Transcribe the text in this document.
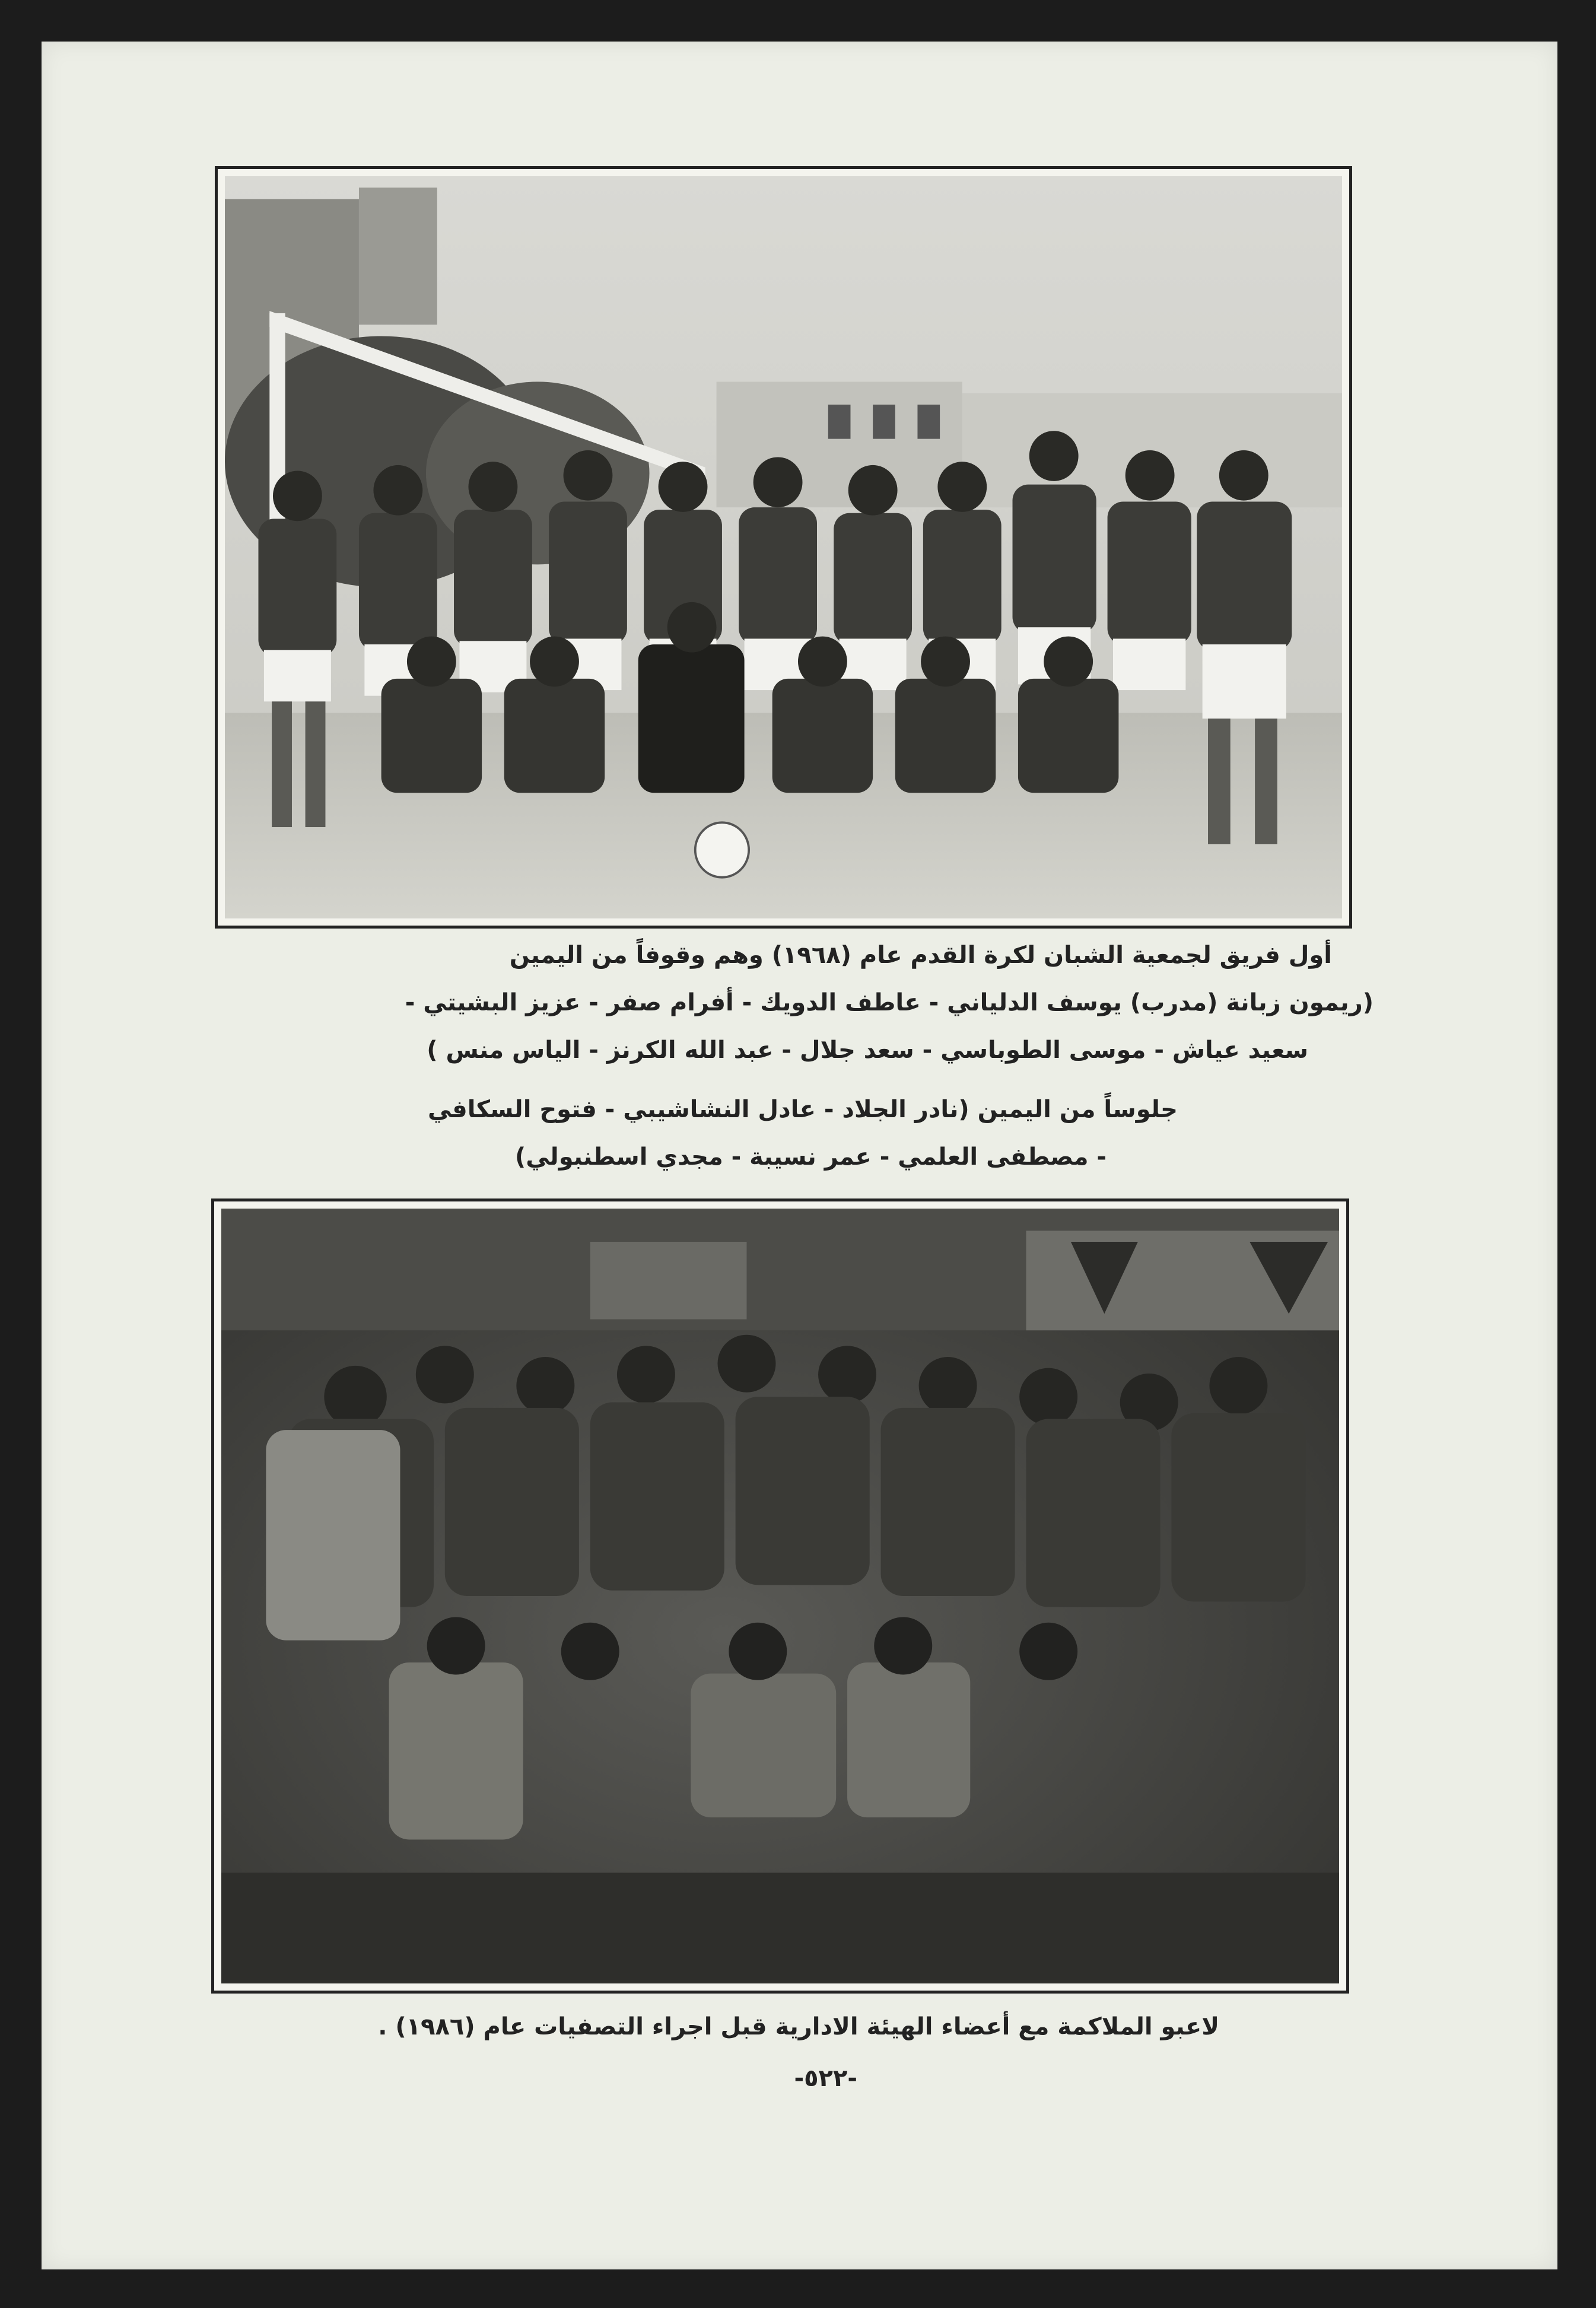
أول فريق لجمعية الشبان لكرة القدم عام (١٩٦٨) وهم وقوفاً من اليمين
(ريمون زبانة (مدرب) يوسف الدلياني - عاطف الدويك - أفرام صفر - عزيز البشيتي -
سعيد عياش - موسى الطوباسي - سعد جلال - عبد الله الكرنز - الياس منس )
جلوساً من اليمين (نادر الجلاد - عادل النشاشيبي - فتوح السكافي
- مصطفى العلمي - عمر نسيبة - مجدي اسطنبولي)
لاعبو الملاكمة مع أعضاء الهيئة الادارية قبل اجراء التصفيات عام (١٩٨٦) .
-٥٢٢-
